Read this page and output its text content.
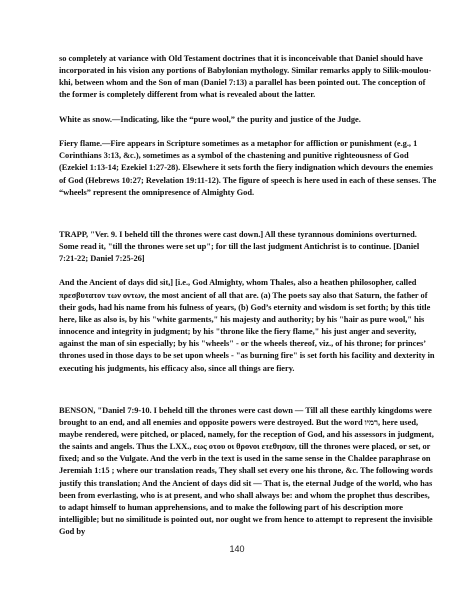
so completely at variance with Old Testament doctrines that it is inconceivable that Daniel should have incorporated in his vision any portions of Babylonian mythology. Similar remarks apply to Silik-moulou-khi, between whom and the Son of man (Daniel 7:13) a parallel has been pointed out. The conception of the former is completely different from what is revealed about the latter.

White as snow.—Indicating, like the “pure wool,” the purity and justice of the Judge.

Fiery flame.—Fire appears in Scripture sometimes as a metaphor for affliction or punishment (e.g., 1 Corinthians 3:13, &c.), sometimes as a symbol of the chastening and punitive righteousness of God (Ezekiel 1:13-14; Ezekiel 1:27-28). Elsewhere it sets forth the fiery indignation which devours the enemies of God (Hebrews 10:27; Revelation 19:11-12). The figure of speech is here used in each of these senses. The “wheels” represent the omnipresence of Almighty God.

TRAPP, "Ver. 9. I beheld till the thrones were cast down.] All these tyrannous dominions overturned. Some read it, "till the thrones were set up"; for till the last judgment Antichrist is to continue. [Daniel 7:21-22; Daniel 7:25-26]

And the Ancient of days did sit,] [i.e., God Almighty, whom Thales, also a heathen philosopher, called πρεσβυτατον των οντων, the most ancient of all that are. (a) The poets say also that Saturn, the father of their gods, had his name from his fulness of years, (b) God’s eternity and wisdom is set forth; by this title here, like as also is, by his "white garments," his majesty and authority; by his "hair as pure wool," his innocence and integrity in judgment; by his "throne like the fiery flame," his just anger and severity, against the man of sin especially; by his "wheels" - or the wheels thereof, viz., of his throne; for princes’ thrones used in those days to be set upon wheels - "as burning fire" is set forth his facility and dexterity in executing his judgments, his efficacy also, since all things are fiery.

BENSON, "Daniel 7:9-10. I beheld till the thrones were cast down — Till all these earthly kingdoms were brought to an end, and all enemies and opposite powers were destroyed. But the word רמיו, here used, maybe rendered, were pitched, or placed, namely, for the reception of God, and his assessors in judgment, the saints and angels. Thus the LXX., εως οτου οι θρονοι ετεθησαν, till the thrones were placed, or set, or fixed; and so the Vulgate. And the verb in the text is used in the same sense in the Chaldee paraphrase on Jeremiah 1:15 ; where our translation reads, They shall set every one his throne, &c. The following words justify this translation; And the Ancient of days did sit — That is, the eternal Judge of the world, who has been from everlasting, who is at present, and who shall always be: and whom the prophet thus describes, to adapt himself to human apprehensions, and to make the following part of his description more intelligible; but no similitude is pointed out, nor ought we from hence to attempt to represent the invisible God by

140
